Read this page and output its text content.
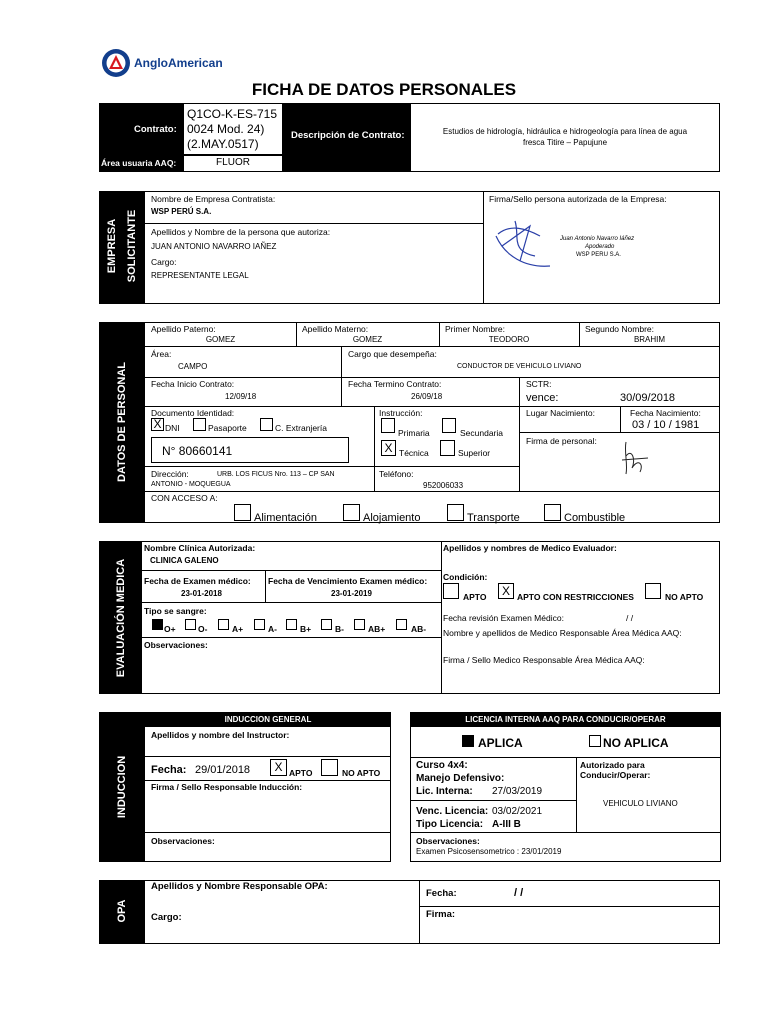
AngloAmerican
FICHA DE DATOS PERSONALES
Contrato:
Q1CO-K-ES-715
0024 Mod. 24)
(2.MAY.0517)
Área usuaria AAQ:	FLUOR
Descripción de Contrato:	Estudios de hidrología, hidráulica e hidrogeología para línea de agua
fresca Titire – Papujune
EMPRESA SOLICITANTE
Nombre de Empresa Contratista:
WSP PERÚ S.A.
Apellidos y Nombre de la persona que autoriza:
JUAN ANTONIO NAVARRO IAÑEZ
Cargo:
REPRESENTANTE LEGAL
Firma/Sello persona autorizada de la Empresa:
Juan Antonio Navarro Iáñez
Apoderado
WSP PERU S.A.
DATOS DE PERSONAL
Apellido Paterno:
GOMEZ
Apellido Materno:
GOMEZ
Primer Nombre:
TEODORO
Segundo Nombre:
BRAHIM
Área:
CAMPO
Cargo que desempeña:
CONDUCTOR DE VEHICULO LIVIANO
Fecha Inicio Contrato:
12/09/18
Fecha Termino Contrato:
26/09/18
SCTR:
vence:	30/09/2018
Documento Identidad:
X DNI	Pasaporte	C. Extranjería
N° 80660141
Instrucción:
Primaria	Secundaria
X Técnica	Superior
Lugar Nacimiento:	Fecha Nacimiento:
03 / 10 / 1981
Firma de personal:
Dirección:	URB. LOS FICUS Nro. 113 – CP SAN
ANTONIO - MOQUEGUA
Teléfono:
952006033
CON ACCESO A:
Alimentación	Alojamiento	Transporte	Combustible
EVALUACIÓN MEDICA
Nombre Clínica Autorizada:
CLINICA GALENO
Apellidos y nombres de Medico Evaluador:
Fecha de Examen médico:
23-01-2018
Fecha de Vencimiento Examen médico:
23-01-2019
Condición:
APTO	X APTO CON RESTRICCIONES	NO APTO
Tipo se sangre:
O+	O-	A+	A-	B+	B-	AB+	AB-
Observaciones:
Fecha revisión Examen Médico:	/ /
Nombre y apellidos de Medico Responsable Área Médica AAQ:
Firma / Sello Medico Responsable Área Médica AAQ:
INDUCCION
INDUCCION GENERAL
Apellidos y nombre del Instructor:
Fecha: 29/01/2018	X APTO	NO APTO
Firma / Sello Responsable Inducción:
Observaciones:
LICENCIA INTERNA AAQ PARA CONDUCIR/OPERAR
APLICA	NO APLICA
Curso 4x4:
Manejo Defensivo:
Lic. Interna: 27/03/2019
Venc. Licencia: 03/02/2021
Tipo Licencia: A-III B
Autorizado para
Conducir/Operar:
VEHICULO LIVIANO
Observaciones:
Examen Psicosensometrico : 23/01/2019
OPA
Apellidos y Nombre Responsable OPA:
Cargo:
Fecha:	/ /
Firma:
